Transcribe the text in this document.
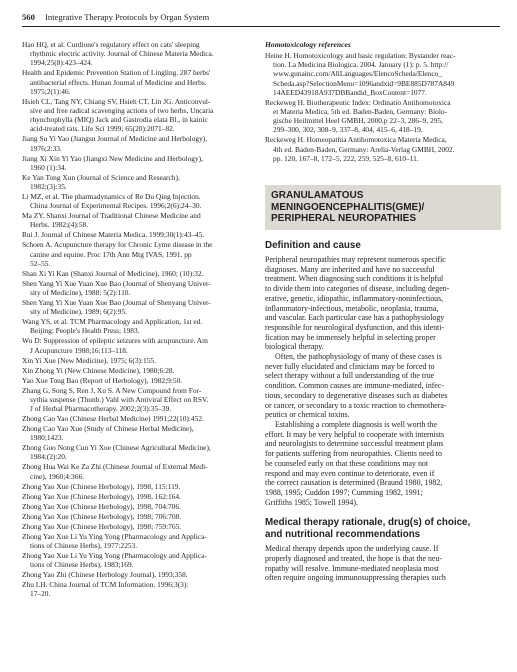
560 Integrative Therapy Protocols by Organ System

Hao HQ, et al. Curdione's regulatory effect on cats' sleeping
rhythmic electric activity. Journal of Chinese Materia Medica.
1994;25(8):423–424.

Health and Epidemic Prevention Station of Lingling. 287 herbs'
antibacterial effects. Hunan Journal of Medicine and Herbs.
1975;2(1):46.

Hsieh CL, Tang NY, Chiang SV, Hsieh CT, Lin JG. Anticonvul-
sive and free radical scavenging actions of two herbs, Uncaria
rhynchophylla (MIQ) Jack and Gastrodia elata Bl., in kainic
acid-treated rats. Life Sci 1999; 65(20):2071–82.

Jiang Su Yi Yao (Jiangsu Journal of Medicine and Herbology),
1976;2:33.

Jiang Xi Xin Yi Yao (Jiangxi New Medicine and Herbology),
1960 (1):34.

Ke Yan Tong Xun (Journal of Science and Research),
1982;(3):35.

Li MZ, et al. The pharmadynamics of Re Du Qing Injection.
China Journal of Experimental Recipes. 1996;2(6):24–30.

Ma ZY. Shanxi Journal of Traditional Chinese Medicine and
Herbs. 1982;(4):58.

Rui J. Journal of Chinese Materia Medica. 1999;30(1):43–45.

Schoen A. Acupuncture therapy for Chronic Lyme disease in the
canine and equine. Proc 17th Ann Mtg IVAS, 1991. pp
52–55.

Shan Xi Yi Kan (Shanxi Journal of Medicine), 1960; (10):32.

Shen Yang Yi Xue Yuan Xue Bao (Journal of Shenyang Univer-
sity of Medicine), 1988; 5(2):110.

Shen Yang Yi Xue Yuan Xue Bao (Journal of Shenyang Univer-
sity of Medicine), 1989; 6(2):95.

Wang YS, et al. TCM Pharmacology and Application, 1st ed.
Beijing: People's Health Press; 1983.

Wu D: Suppression of epileptic seizures with acupuncture. Am
J Acupuncture 1988;16:113–118.

Xin Yi Xue (New Medicine), 1975; 6(3):155.

Xin Zhong Yi (New Chinese Medicine), 1980;6:28.

Yao Xue Tong Bao (Report of Herbology), 1982;9:50.

Zhang G, Song S, Ren J, Xu S. A New Compound from For-
sythia suspense (Thunb.) Vahl with Antiviral Effect on RSV.
J of Herbal Pharmacotherapy. 2002;2(3):35–39.

Zhong Cao Yao (Chinese Herbal Medicine) 1991;22(10):452.

Zhong Cao Yao Xue (Study of Chinese Herbal Medicine),
1980;1423.

Zhong Guo Nong Cun Yi Xue (Chinese Agricultural Medicine),
1984;(2):20.

Zhong Hua Wai Ke Za Zhi (Chinese Journal of External Medi-
cine), 1960;4:366.

Zhong Yao Xue (Chinese Herbology), 1998, 115:119.

Zhong Yao Xue (Chinese Herbology), 1998, 162:164.

Zhong Yao Xue (Chinese Herbology), 1998, 704:706.

Zhong Yao Xue (Chinese Herbology), 1998; 706:708.

Zhong Yao Xue (Chinese Herbology), 1998; 759:765.

Zhong Yao Xue Li Yu Ying Yong (Pharmacology and Applica-
tions of Chinese Herbs), 1977:2253.

Zhong Yao Xue Li Yu Ying Yong (Pharmacology and Applica-
tions of Chinese Herbs), 1983;169.

Zhong Yao Zhi (Chinese Herbology Journal), 1993;358.

Zhu LH. China Journal of TCM Information. 1996;3(3):
17–20.

Homotoxicology references

Heine H. Homotoxicology and basic regulation: Bystander reac-
tion. La Medicina Biologica. 2004. January (1): p. 5. http://
www.gunainc.com/AllLanguages/ElencoScheda/Elenco_
Scheda.asp?SelectionMenu=1096andxid=9BE885D787A849
14AEED43918A937DBBandid_BoxContent=1077.

Reckeweg H. Biotherapeutic Index: Ordinatio Antihomotoxica
et Materia Medica, 5th ed. Baden-Baden, Germany: Biolo-
gische Heilmittel Heel GMBH, 2000.p 22–3, 286–9, 295,
299–300, 302, 308–9, 337–8, 404, 415–6, 418–19.

Reckeweg H. Homeopathia Antihomotoxica Materia Medica,
4th ed. Baden-Baden, Germany: Arelia-Verlag GMBH, 2002.
pp. 120, 167–8, 172–5, 222, 259, 525–8, 610–11.

GRANULAMATOUS
MENINGOENCEPHALITIS(GME)/
PERIPHERAL NEUROPATHIES
Definition and cause

Peripheral neuropathies may represent numerous specific
diagnoses. Many are inherited and have no successful
treatment. When diagnosing such conditions it is helpful
to divide them into categories of disease, including degen-
erative, genetic, idiopathic, inflammatory-noninfectious,
inflammatory-infectious, metabolic, neoplasia, trauma,
and vascular. Each particular case has a pathophysiology
responsible for neurological dysfunction, and this identi-
fication may be immensely helpful in selecting proper
biological therapy.

Often, the pathophysiology of many of these cases is
never fully elucidated and clinicians may be forced to
select therapy without a full understanding of the true
condition. Common causes are immune-mediated, infec-
tious, secondary to degenerative diseases such as diabetes
or cancer, or secondary to a toxic reaction to chemothera-
peutics or chemical toxins.

Establishing a complete diagnosis is well worth the
effort. It may be very helpful to cooperate with internists
and neurologists to determine successful treatment plans
for patients suffering from neuropathies. Clients need to
be counseled early on that these conditions may not
respond and may even continue to deteriorate, even if
the correct causation is determined (Braund 1980, 1982,
1988, 1995; Cuddon 1997; Cumming 1982, 1991;
Griffiths 1985; Towell 1994).

Medical therapy rationale, drug(s) of choice,
and nutritional recommendations

Medical therapy depends upon the underlying cause. If
properly diagnosed and treated, the hope is that the neu-
ropathy will resolve. Immune-mediated neoplasia most
often require ongoing immunosuppressing therapies such
